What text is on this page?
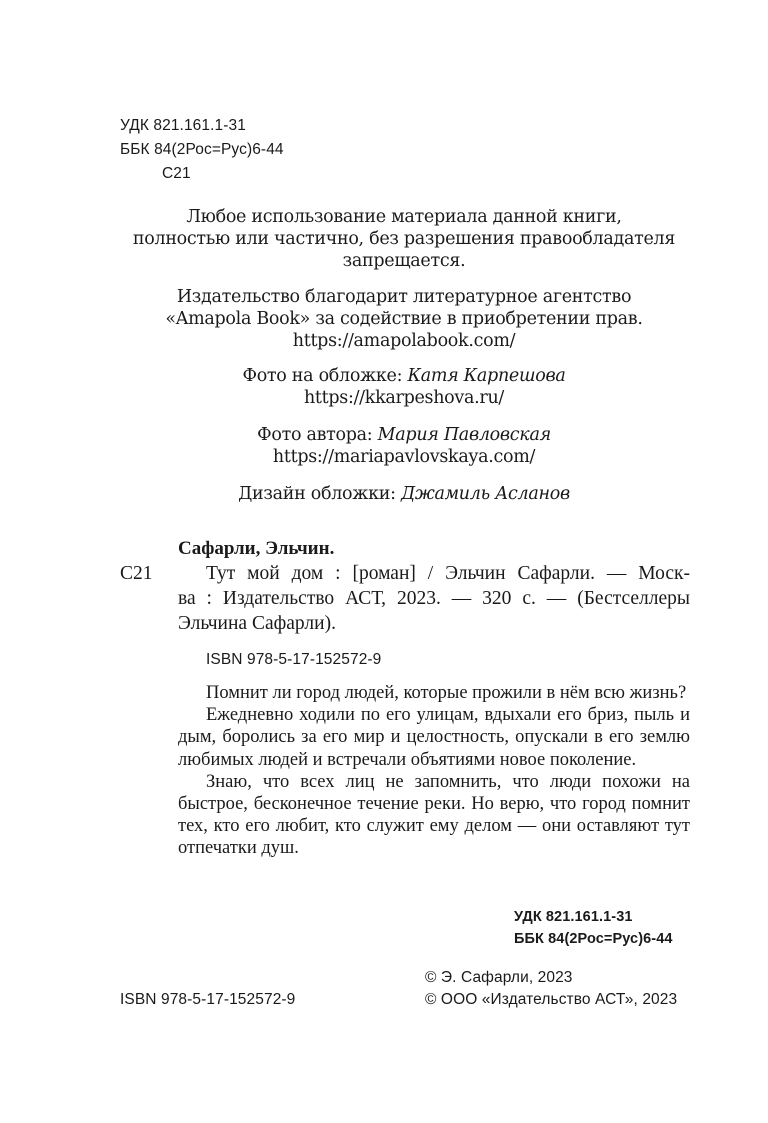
УДК 821.161.1-31
ББК 84(2Рос=Рус)6-44
С21
Любое использование материала данной книги,
полностью или частично, без разрешения правообладателя
запрещается.
Издательство благодарит литературное агентство
«Amapola Book» за содействие в приобретении прав.
https://amapolabook.com/
Фото на обложке: Катя Карпешова
https://kkarpeshova.ru/
Фото автора: Мария Павловская
https://mariapavlovskaya.com/
Дизайн обложки: Джамиль Асланов
Сафарли, Эльчин.
С21	Тут мой дом : [роман] / Эльчин Сафарли. — Моск-
ва : Издательство АСТ, 2023. — 320 с. — (Бестселлеры
Эльчина Сафарли).
ISBN 978-5-17-152572-9

Помнит ли город людей, которые прожили в нём всю жизнь?

Ежедневно ходили по его улицам, вдыхали его бриз, пыль и дым, боролись за его мир и целостность, опускали в его землю любимых людей и встречали объятиями новое поколение.

Знаю, что всех лиц не запомнить, что люди похожи на быстрое, бесконечное течение реки. Но верю, что город помнит тех, кто его любит, кто служит ему делом — они оставляют тут отпечатки душ.

УДК 821.161.1-31
ББК 84(2Рос=Рус)6-44
ISBN 978-5-17-152572-9
© Э. Сафарли, 2023
© ООО «Издательство АСТ», 2023
